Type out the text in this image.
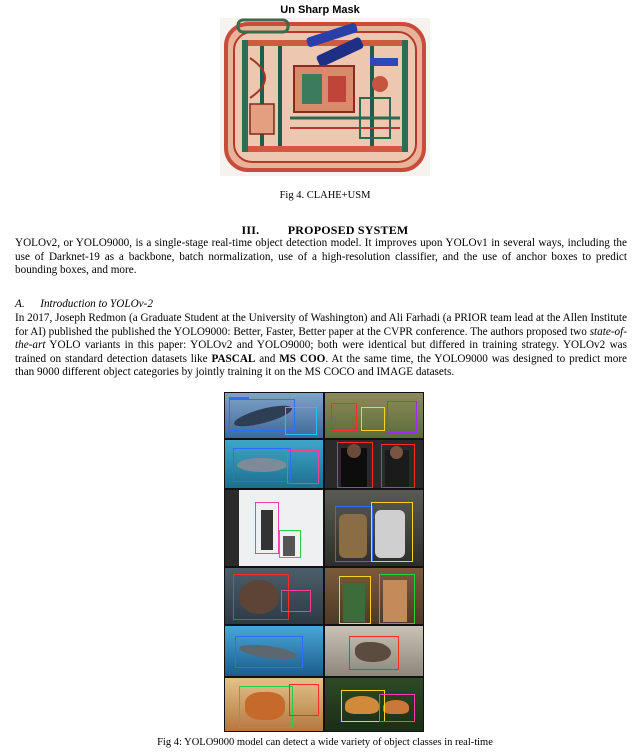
Un Sharp Mask
Fig 4. CLAHE+USM
III. PROPOSED SYSTEM
YOLOv2, or YOLO9000, is a single-stage real-time object detection model. It improves upon YOLOv1 in several ways, including the use of Darknet-19 as a backbone, batch normalization, use of a high-resolution classifier, and the use of anchor boxes to predict bounding boxes, and more.
A. Introduction to YOLOv-2
In 2017, Joseph Redmon (a Graduate Student at the University of Washington) and Ali Farhadi (a PRIOR team lead at the Allen Institute for AI) published the published the YOLO9000: Better, Faster, Better paper at the CVPR conference. The authors proposed two state-of-the-art YOLO variants in this paper: YOLOv2 and YOLO9000; both were identical but differed in training strategy. YOLOv2 was trained on standard detection datasets like PASCAL and MS COO. At the same time, the YOLO9000 was designed to predict more than 9000 different object categories by jointly training it on the MS COCO and IMAGE datasets.
Fig 4: YOLO9000 model can detect a wide variety of object classes in real-time
